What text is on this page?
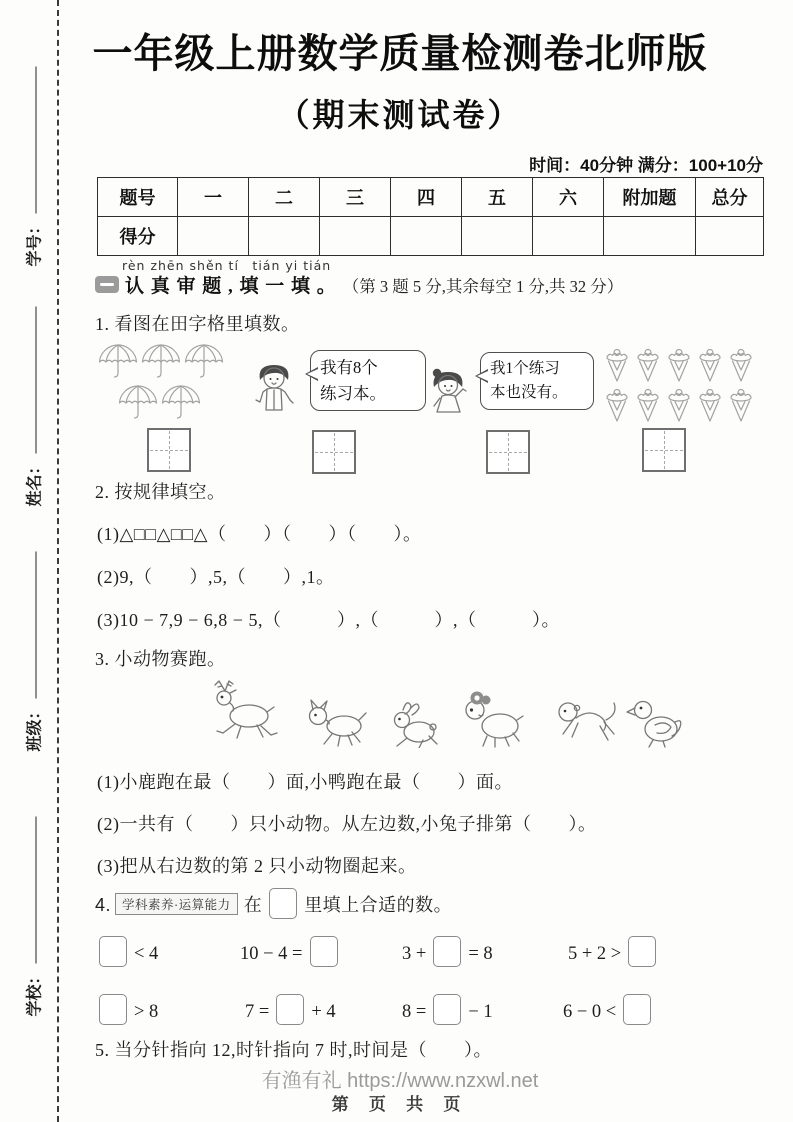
学号：
姓名：
班级：
学校：
一年级上册数学质量检测卷北师版
（期末测试卷）
时间：40分钟 满分：100+10分
题号	一	二	三	四	五	六	附加题	总分
得分								
rèn zhēn shěn tí　tián yi tián
认 真 审 题 , 填 一 填 。 （第 3 题 5 分,其余每空 1 分,共 32 分）
1. 看图在田字格里填数。
我有8个
练习本。
我1个练习
本也没有。
2. 按规律填空。
(1)△□□△□□△（　　）（　　）（　　）。
(2)9,（　　）,5,（　　）,1。
(3)10 − 7,9 − 6,8 − 5,（　　　）,（　　　）,（　　　）。
3. 小动物赛跑。
(1)小鹿跑在最（　　）面,小鸭跑在最（　　）面。
(2)一共有（　　）只小动物。从左边数,小兔子排第（　　）。
(3)把从右边数的第 2 只小动物圈起来。
4. 学科素养·运算能力 在 里填上合适的数。
< 4	10 − 4 =	3 + = 8	5 + 2 >
> 8	7 = + 4	8 = − 1	6 − 0 <
5. 当分针指向 12,时针指向 7 时,时间是（　　）。
有渔有礼 https://www.nzxwl.net
第 页 共 页
